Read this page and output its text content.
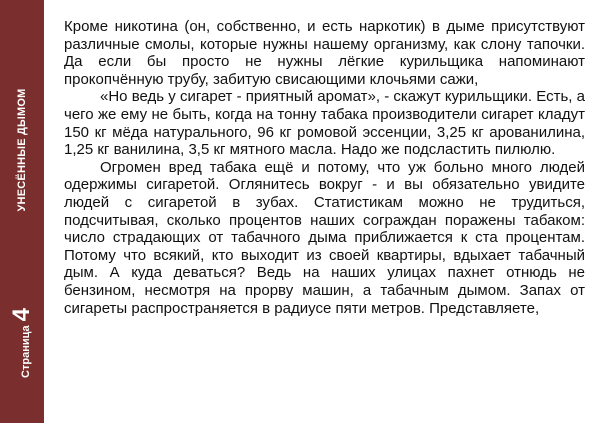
УНЕСЁННЫЕ ДЫМОМ
Страница
4

Кроме никотина (он, собственно, и есть наркотик) в дыме присутствуют различные смолы, которые нужны нашему организму, как слону тапочки. Да если бы просто не нужны лёгкие курильщика напоминают прокопчённую трубу, забитую свисающими клочьями сажи,

«Но ведь у сигарет - приятный аромат», - скажут курильщики. Есть, а чего же ему не быть, когда на тонну табака производители сигарет кладут 150 кг мёда натурального, 96 кг ромовой эссенции, 3,25 кг арованилина, 1,25 кг ванилина, 3,5 кг мятного масла. Надо же подсластить пилюлю.

Огромен вред табака ещё и потому, что уж больно много людей одержимы сигаретой. Оглянитесь вокруг - и вы обязательно увидите людей с сигаретой в зубах. Статистикам можно не трудиться, подсчитывая, сколько процентов наших сограждан поражены табаком: число страдающих от табачного дыма приближается к ста процентам. Потому что всякий, кто выходит из своей квартиры, вдыхает табачный дым. А куда деваться? Ведь на наших улицах пахнет отнюдь не бензином, несмотря на прорву машин, а табачным дымом. Запах от сигареты распространяется в радиусе пяти метров. Представляете,
